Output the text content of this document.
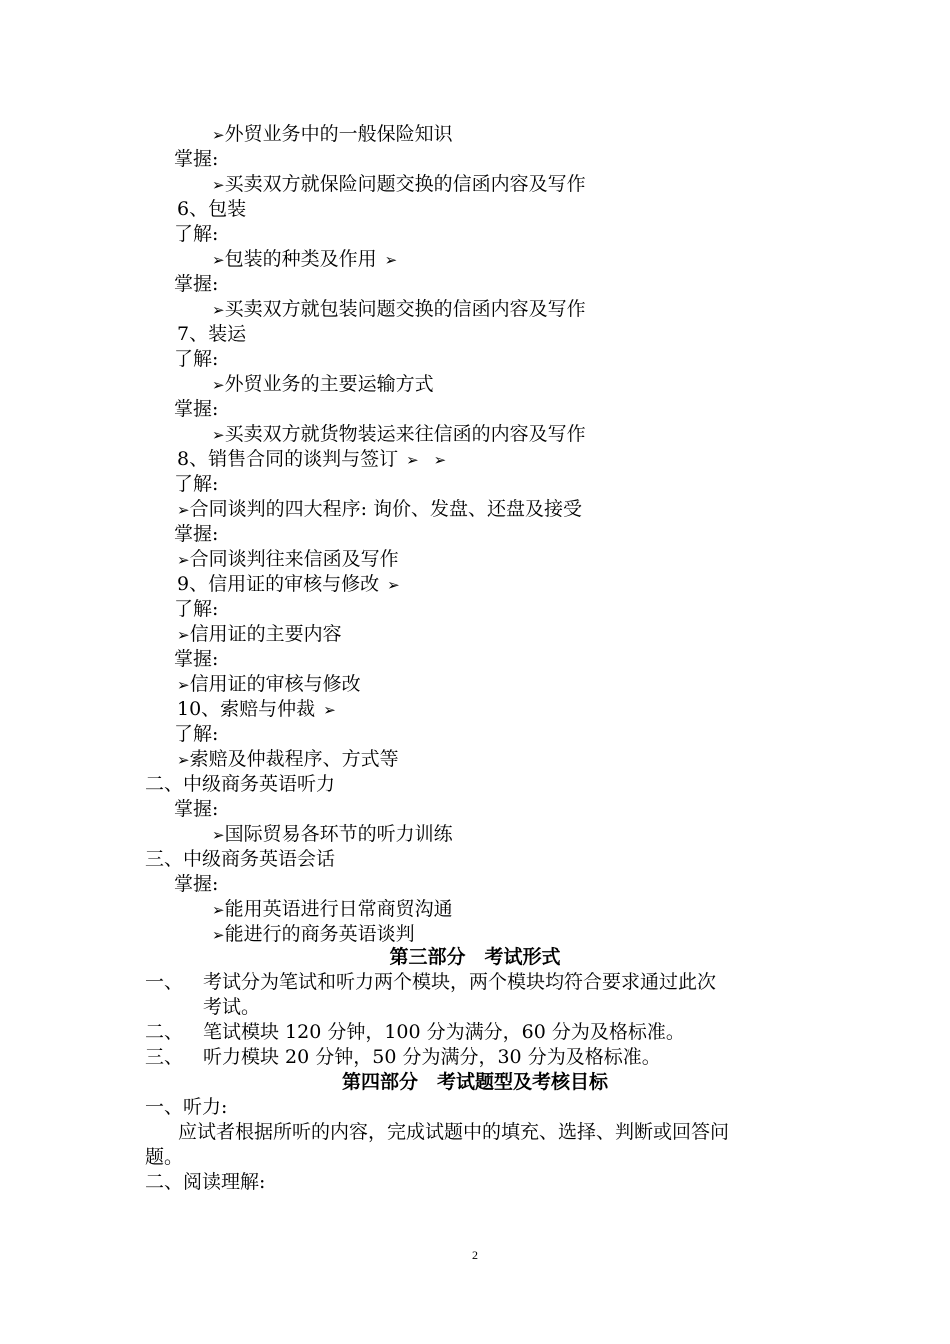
➢外贸业务中的一般保险知识
掌握:
➢买卖双方就保险问题交换的信函内容及写作
6、包装
了解:
➢包装的种类及作用 ➢
掌握:
➢买卖双方就包装问题交换的信函内容及写作
7、装运
了解:
➢外贸业务的主要运输方式
掌握:
➢买卖双方就货物装运来往信函的内容及写作
8、销售合同的谈判与签订 ➢　➢
了解:
➢合同谈判的四大程序: 询价、发盘、还盘及接受
掌握:
➢合同谈判往来信函及写作
9、信用证的审核与修改 ➢
了解:
➢信用证的主要内容
掌握:
➢信用证的审核与修改
10、索赔与仲裁 ➢
了解:
➢索赔及仲裁程序、方式等
二、中级商务英语听力
掌握:
➢国际贸易各环节的听力训练
三、中级商务英语会话
掌握:
➢能用英语进行日常商贸沟通
➢能进行的商务英语谈判
第三部分　考试形式
一、 考试分为笔试和听力两个模块，两个模块均符合要求通过此次
考试。
二、 笔试模块 120 分钟，100 分为满分，60 分为及格标准。
三、 听力模块 20 分钟，50 分为满分，30 分为及格标准。
第四部分　考试题型及考核目标
一、听力:
应试者根据所听的内容，完成试题中的填充、选择、判断或回答问
题。
二、阅读理解:
2
